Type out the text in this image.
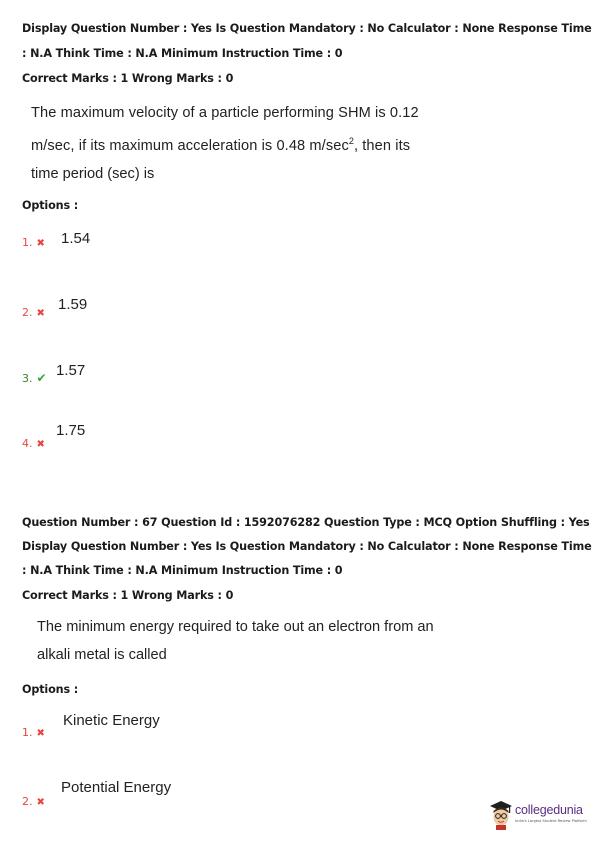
Display Question Number : Yes Is Question Mandatory : No Calculator : None Response Time
: N.A Think Time : N.A Minimum Instruction Time : 0
Correct Marks : 1 Wrong Marks : 0
The maximum velocity of a particle performing SHM is 0.12
m/sec, if its maximum acceleration is 0.48 $m/\sec^2$, then its
time period (sec) is
Options :
1. ✖ 1.54
2. ✖
1.59
3. ✔ 1.57
4. ✖
1.75
Question Number : 67 Question Id : 1592076282 Question Type : MCQ Option Shuffling : Yes
Display Question Number : Yes Is Question Mandatory : No Calculator : None Response Time
: N.A Think Time : N.A Minimum Instruction Time : 0
Correct Marks : 1 Wrong Marks : 0
The minimum energy required to take out an electron from an
alkali metal is called
Options :
1. ✖
Kinetic Energy
2. ✖
Potential Energy
collegedunia
India's Largest Student Review Platform
